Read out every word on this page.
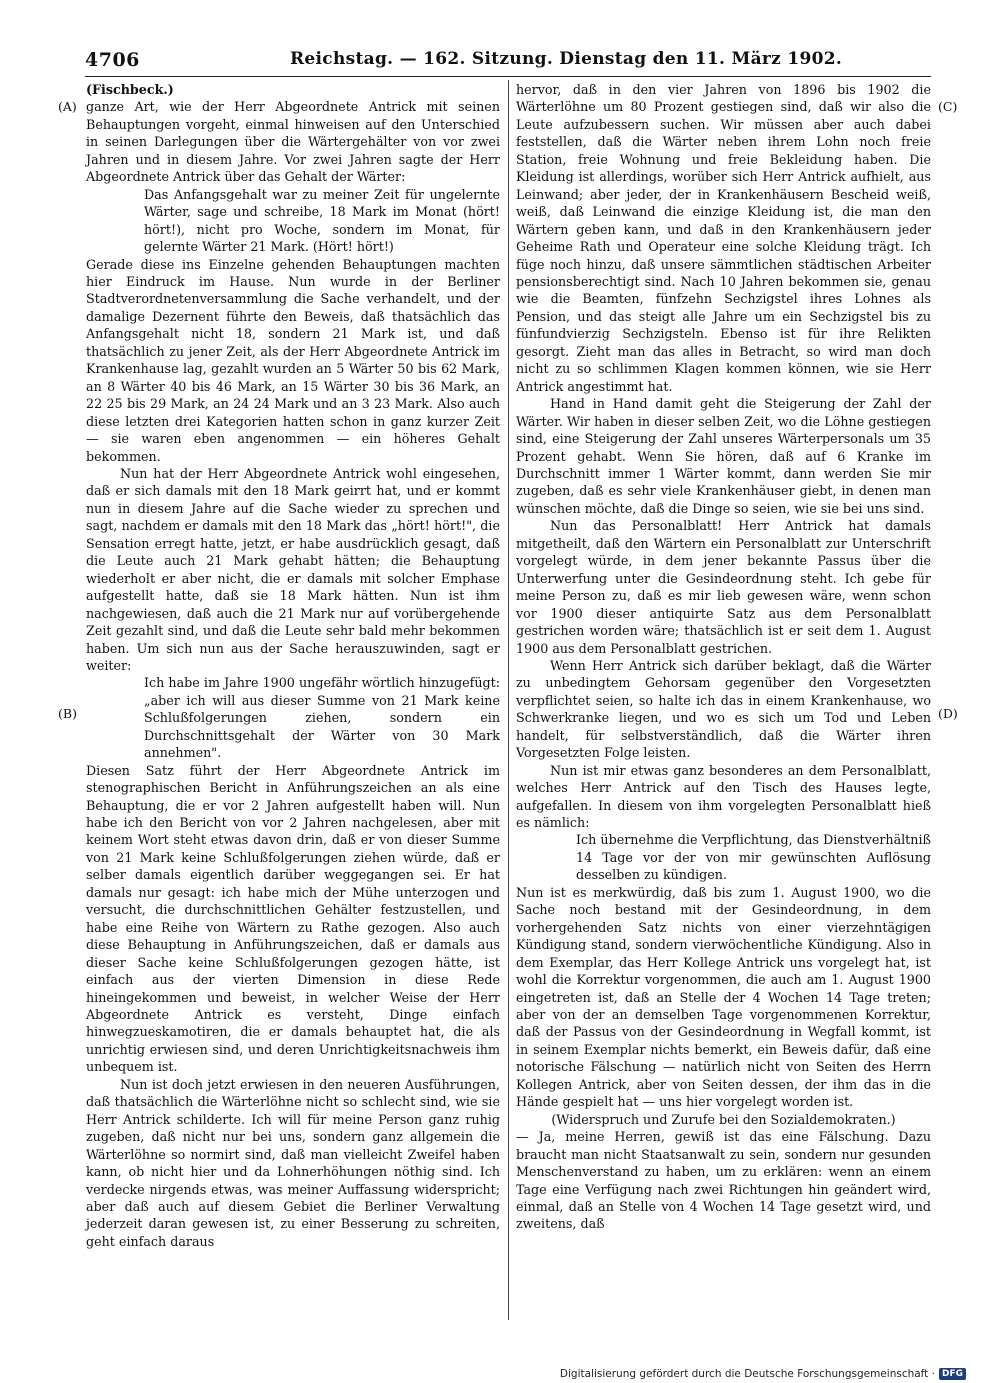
4706	Reichstag. — 162. Sitzung. Dienstag den 11. März 1902.
(A)
(B)
(C)
(D)

(Fischbeck.)

ganze Art, wie der Herr Abgeordnete Antrick mit seinen Behauptungen vorgeht, einmal hinweisen auf den Unterschied in seinen Darlegungen über die Wärtergehälter von vor zwei Jahren und in diesem Jahre. Vor zwei Jahren sagte der Herr Abgeordnete Antrick über das Gehalt der Wärter:

Das Anfangsgehalt war zu meiner Zeit für ungelernte Wärter, sage und schreibe, 18 Mark im Monat (hört! hört!), nicht pro Woche, sondern im Monat, für gelernte Wärter 21 Mark. (Hört! hört!)

Gerade diese ins Einzelne gehenden Behauptungen machten hier Eindruck im Hause. Nun wurde in der Berliner Stadtverordnetenversammlung die Sache verhandelt, und der damalige Dezernent führte den Beweis, daß thatsächlich das Anfangsgehalt nicht 18, sondern 21 Mark ist, und daß thatsächlich zu jener Zeit, als der Herr Abgeordnete Antrick im Krankenhause lag, gezahlt wurden an 5 Wärter 50 bis 62 Mark, an 8 Wärter 40 bis 46 Mark, an 15 Wärter 30 bis 36 Mark, an 22 25 bis 29 Mark, an 24 24 Mark und an 3 23 Mark. Also auch diese letzten drei Kategorien hatten schon in ganz kurzer Zeit — sie waren eben angenommen — ein höheres Gehalt bekommen.

Nun hat der Herr Abgeordnete Antrick wohl eingesehen, daß er sich damals mit den 18 Mark geirrt hat, und er kommt nun in diesem Jahre auf die Sache wieder zu sprechen und sagt, nachdem er damals mit den 18 Mark das „hört! hört!", die Sensation erregt hatte, jetzt, er habe ausdrücklich gesagt, daß die Leute auch 21 Mark gehabt hätten; die Behauptung wiederholt er aber nicht, die er damals mit solcher Emphase aufgestellt hatte, daß sie 18 Mark hätten. Nun ist ihm nachgewiesen, daß auch die 21 Mark nur auf vorübergehende Zeit gezahlt sind, und daß die Leute sehr bald mehr bekommen haben. Um sich nun aus der Sache herauszuwinden, sagt er weiter:

Ich habe im Jahre 1900 ungefähr wörtlich hinzugefügt: „aber ich will aus dieser Summe von 21 Mark keine Schlußfolgerungen ziehen, sondern ein Durchschnittsgehalt der Wärter von 30 Mark annehmen".

Diesen Satz führt der Herr Abgeordnete Antrick im stenographischen Bericht in Anführungszeichen an als eine Behauptung, die er vor 2 Jahren aufgestellt haben will. Nun habe ich den Bericht von vor 2 Jahren nachgelesen, aber mit keinem Wort steht etwas davon drin, daß er von dieser Summe von 21 Mark keine Schlußfolgerungen ziehen würde, daß er selber damals eigentlich darüber weggegangen sei. Er hat damals nur gesagt: ich habe mich der Mühe unterzogen und versucht, die durchschnittlichen Gehälter festzustellen, und habe eine Reihe von Wärtern zu Rathe gezogen. Also auch diese Behauptung in Anführungszeichen, daß er damals aus dieser Sache keine Schlußfolgerungen gezogen hätte, ist einfach aus der vierten Dimension in diese Rede hineingekommen und beweist, in welcher Weise der Herr Abgeordnete Antrick es versteht, Dinge einfach hinwegzueskamotiren, die er damals behauptet hat, die als unrichtig erwiesen sind, und deren Unrichtigkeitsnachweis ihm unbequem ist.

Nun ist doch jetzt erwiesen in den neueren Ausführungen, daß thatsächlich die Wärterlöhne nicht so schlecht sind, wie sie Herr Antrick schilderte. Ich will für meine Person ganz ruhig zugeben, daß nicht nur bei uns, sondern ganz allgemein die Wärterlöhne so normirt sind, daß man vielleicht Zweifel haben kann, ob nicht hier und da Lohnerhöhungen nöthig sind. Ich verdecke nirgends etwas, was meiner Auffassung widerspricht; aber daß auch auf diesem Gebiet die Berliner Verwaltung jederzeit daran gewesen ist, zu einer Besserung zu schreiten, geht einfach daraus

hervor, daß in den vier Jahren von 1896 bis 1902 die Wärterlöhne um 80 Prozent gestiegen sind, daß wir also die Leute aufzubessern suchen. Wir müssen aber auch dabei feststellen, daß die Wärter neben ihrem Lohn noch freie Station, freie Wohnung und freie Bekleidung haben. Die Kleidung ist allerdings, worüber sich Herr Antrick aufhielt, aus Leinwand; aber jeder, der in Krankenhäusern Bescheid weiß, weiß, daß Leinwand die einzige Kleidung ist, die man den Wärtern geben kann, und daß in den Krankenhäusern jeder Geheime Rath und Operateur eine solche Kleidung trägt. Ich füge noch hinzu, daß unsere sämmtlichen städtischen Arbeiter pensionsberechtigt sind. Nach 10 Jahren bekommen sie, genau wie die Beamten, fünfzehn Sechzigstel ihres Lohnes als Pension, und das steigt alle Jahre um ein Sechzigstel bis zu fünfundvierzig Sechzigsteln. Ebenso ist für ihre Relikten gesorgt. Zieht man das alles in Betracht, so wird man doch nicht zu so schlimmen Klagen kommen können, wie sie Herr Antrick angestimmt hat.

Hand in Hand damit geht die Steigerung der Zahl der Wärter. Wir haben in dieser selben Zeit, wo die Löhne gestiegen sind, eine Steigerung der Zahl unseres Wärterpersonals um 35 Prozent gehabt. Wenn Sie hören, daß auf 6 Kranke im Durchschnitt immer 1 Wärter kommt, dann werden Sie mir zugeben, daß es sehr viele Krankenhäuser giebt, in denen man wünschen möchte, daß die Dinge so seien, wie sie bei uns sind.

Nun das Personalblatt! Herr Antrick hat damals mitgetheilt, daß den Wärtern ein Personalblatt zur Unterschrift vorgelegt würde, in dem jener bekannte Passus über die Unterwerfung unter die Gesindeordnung steht. Ich gebe für meine Person zu, daß es mir lieb gewesen wäre, wenn schon vor 1900 dieser antiquirte Satz aus dem Personalblatt gestrichen worden wäre; thatsächlich ist er seit dem 1. August 1900 aus dem Personalblatt gestrichen.

Wenn Herr Antrick sich darüber beklagt, daß die Wärter zu unbedingtem Gehorsam gegenüber den Vorgesetzten verpflichtet seien, so halte ich das in einem Krankenhause, wo Schwerkranke liegen, und wo es sich um Tod und Leben handelt, für selbstverständlich, daß die Wärter ihren Vorgesetzten Folge leisten.

Nun ist mir etwas ganz besonderes an dem Personalblatt, welches Herr Antrick auf den Tisch des Hauses legte, aufgefallen. In diesem von ihm vorgelegten Personalblatt hieß es nämlich:

Ich übernehme die Verpflichtung, das Dienstverhältniß 14 Tage vor der von mir gewünschten Auflösung desselben zu kündigen.

Nun ist es merkwürdig, daß bis zum 1. August 1900, wo die Sache noch bestand mit der Gesindeordnung, in dem vorhergehenden Satz nichts von einer vierzehntägigen Kündigung stand, sondern vierwöchentliche Kündigung. Also in dem Exemplar, das Herr Kollege Antrick uns vorgelegt hat, ist wohl die Korrektur vorgenommen, die auch am 1. August 1900 eingetreten ist, daß an Stelle der 4 Wochen 14 Tage treten; aber von der an demselben Tage vorgenommenen Korrektur, daß der Passus von der Gesindeordnung in Wegfall kommt, ist in seinem Exemplar nichts bemerkt, ein Beweis dafür, daß eine notorische Fälschung — natürlich nicht von Seiten des Herrn Kollegen Antrick, aber von Seiten dessen, der ihm das in die Hände gespielt hat — uns hier vorgelegt worden ist.

(Widerspruch und Zurufe bei den Sozialdemokraten.)

— Ja, meine Herren, gewiß ist das eine Fälschung. Dazu braucht man nicht Staatsanwalt zu sein, sondern nur gesunden Menschenverstand zu haben, um zu erklären: wenn an einem Tage eine Verfügung nach zwei Richtungen hin geändert wird, einmal, daß an Stelle von 4 Wochen 14 Tage gesetzt wird, und zweitens, daß

Digitalisierung gefördert durch die Deutsche Forschungsgemeinschaft · DFG
